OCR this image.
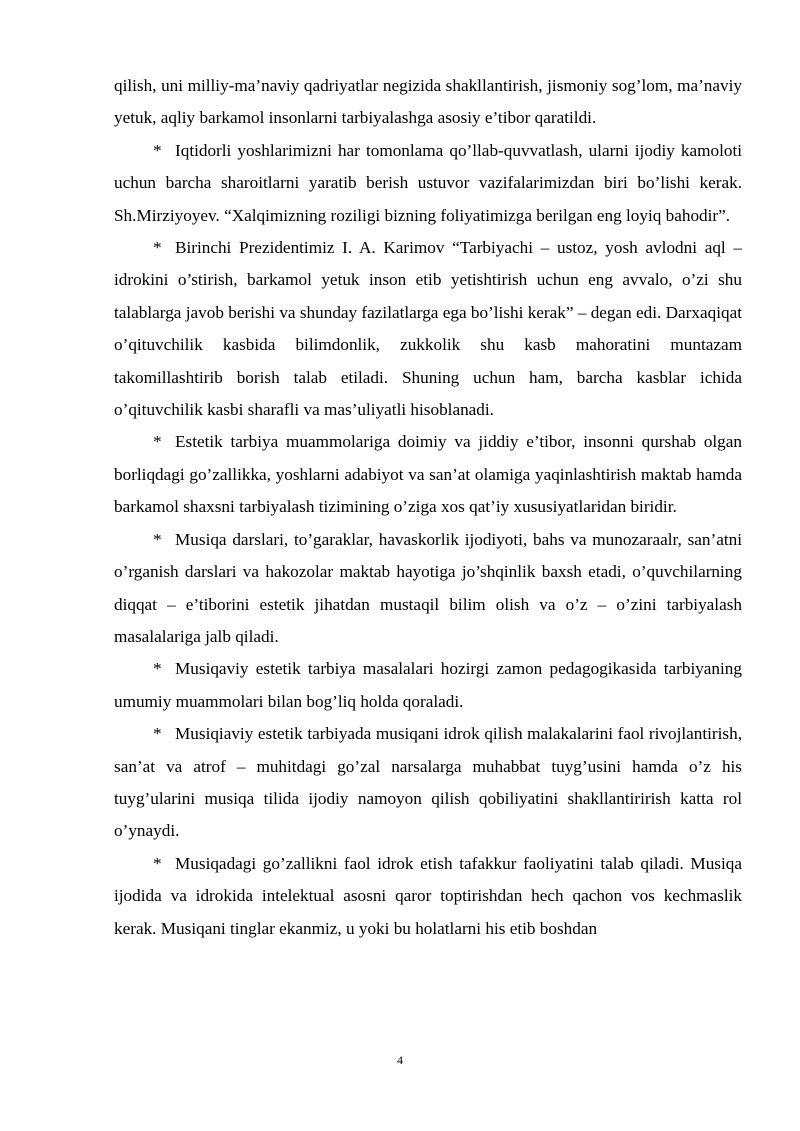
qilish, uni milliy-ma’naviy qadriyatlar negizida shakllantirish, jismoniy sog’lom, ma’naviy yetuk, aqliy barkamol insonlarni tarbiyalashga asosiy e’tibor qaratildi.

* Iqtidorli yoshlarimizni har tomonlama qo’llab-quvvatlash, ularni ijodiy kamoloti uchun barcha sharoitlarni yaratib berish ustuvor vazifalarimizdan biri bo’lishi kerak. Sh.Mirziyoyev. “Xalqimizning roziligi bizning foliyatimizga berilgan eng loyiq bahodir”.

* Birinchi Prezidentimiz I. A. Karimov “Tarbiyachi – ustoz, yosh avlodni aql – idrokini o’stirish, barkamol yetuk inson etib yetishtirish uchun eng avvalo, o’zi shu talablarga javob berishi va shunday fazilatlarga ega bo’lishi kerak” – degan edi. Darxaqiqat o’qituvchilik kasbida bilimdonlik, zukkolik shu kasb mahoratini muntazam takomillashtirib borish talab etiladi. Shuning uchun ham, barcha kasblar ichida o’qituvchilik kasbi sharafli va mas’uliyatli hisoblanadi.

* Estetik tarbiya muammolariga doimiy va jiddiy e’tibor, insonni qurshab olgan borliqdagi go’zallikka, yoshlarni adabiyot va san’at olamiga yaqinlashtirish maktab hamda barkamol shaxsni tarbiyalash tizimining o’ziga xos qat’iy xususiyatlaridan biridir.

* Musiqa darslari, to’garaklar, havaskorlik ijodiyoti, bahs va munozaraalr, san’atni o’rganish darslari va hakozolar maktab hayotiga jo’shqinlik baxsh etadi, o’quvchilarning diqqat – e’tiborini estetik jihatdan mustaqil bilim olish va o’z – o’zini tarbiyalash masalalariga jalb qiladi.

* Musiqaviy estetik tarbiya masalalari hozirgi zamon pedagogikasida tarbiyaning umumiy muammolari bilan bog’liq holda qoraladi.

* Musiqiaviy estetik tarbiyada musiqani idrok qilish malakalarini faol rivojlantirish, san’at va atrof – muhitdagi go’zal narsalarga muhabbat tuyg’usini hamda o’z his tuyg’ularini musiqa tilida ijodiy namoyon qilish qobiliyatini shakllantirirish katta rol o’ynaydi.

* Musiqadagi go’zallikni faol idrok etish tafakkur faoliyatini talab qiladi. Musiqa ijodida va idrokida intelektual asosni qaror toptirishdan hech qachon vos kechmaslik kerak. Musiqani tinglar ekanmiz, u yoki bu holatlarni his etib boshdan

4
